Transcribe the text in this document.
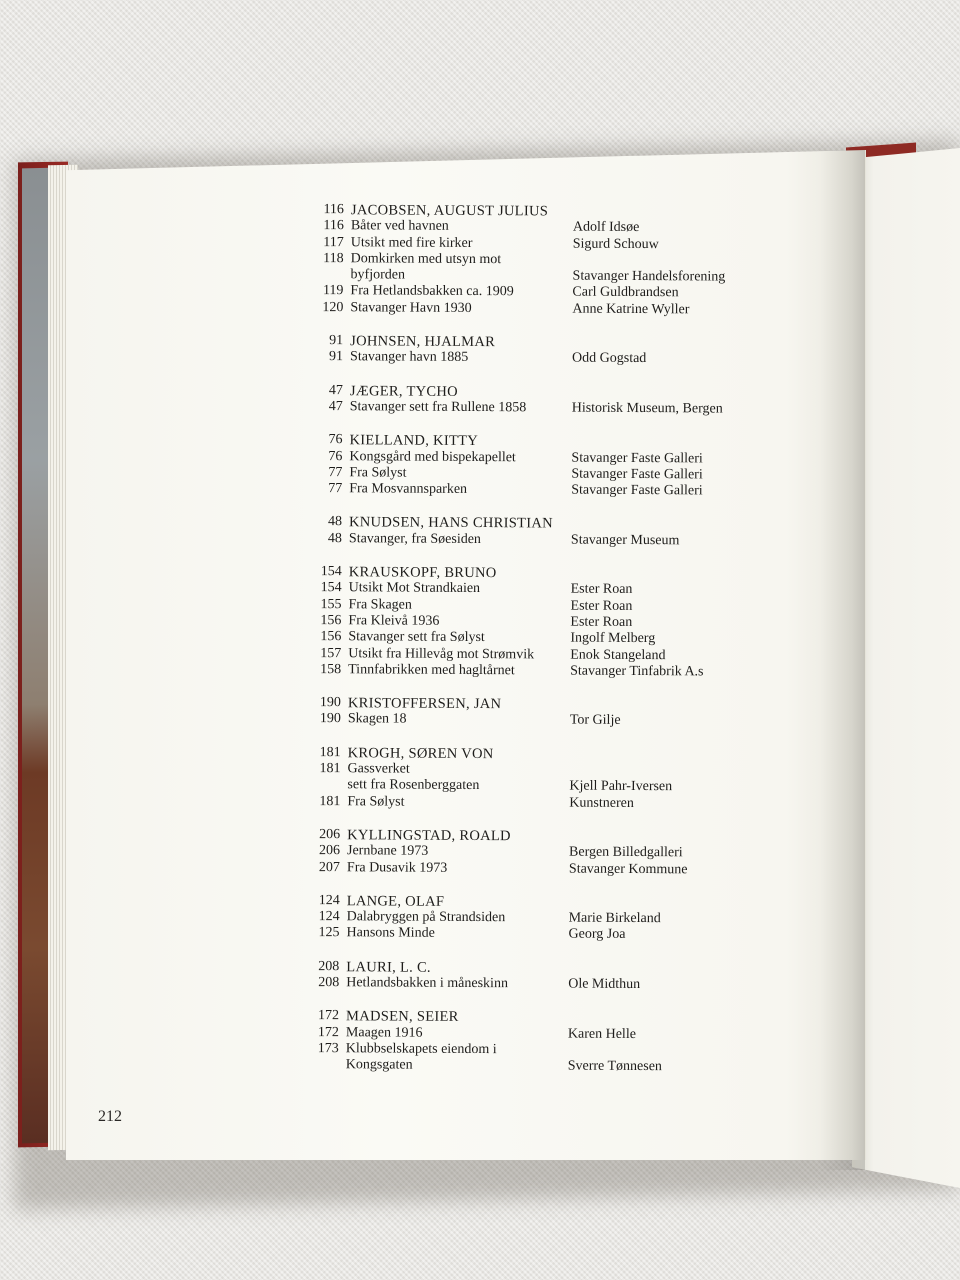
116 JACOBSEN, AUGUST JULIUS
116 Båter ved havnen	Adolf Idsøe
117 Utsikt med fire kirker	Sigurd Schouw
118 Domkirken med utsyn mot
byfjorden	Stavanger Handelsforening
119 Fra Hetlandsbakken ca. 1909	Carl Guldbrandsen
120 Stavanger Havn 1930	Anne Katrine Wyller
91 JOHNSEN, HJALMAR
91 Stavanger havn 1885	Odd Gogstad
47 JÆGER, TYCHO
47 Stavanger sett fra Rullene 1858	Historisk Museum, Bergen
76 KIELLAND, KITTY
76 Kongsgård med bispekapellet	Stavanger Faste Galleri
77 Fra Sølyst	Stavanger Faste Galleri
77 Fra Mosvannsparken	Stavanger Faste Galleri
48 KNUDSEN, HANS CHRISTIAN
48 Stavanger, fra Søesiden	Stavanger Museum
154 KRAUSKOPF, BRUNO
154 Utsikt Mot Strandkaien	Ester Roan
155 Fra Skagen	Ester Roan
156 Fra Kleivå 1936	Ester Roan
156 Stavanger sett fra Sølyst	Ingolf Melberg
157 Utsikt fra Hillevåg mot Strømvik	Enok Stangeland
158 Tinnfabrikken med hagltårnet	Stavanger Tinfabrik A.s
190 KRISTOFFERSEN, JAN
190 Skagen 18	Tor Gilje
181 KROGH, SØREN VON
181 Gassverket
sett fra Rosenberggaten	Kjell Pahr-Iversen
181 Fra Sølyst	Kunstneren
206 KYLLINGSTAD, ROALD
206 Jernbane 1973	Bergen Billedgalleri
207 Fra Dusavik 1973	Stavanger Kommune
124 LANGE, OLAF
124 Dalabryggen på Strandsiden	Marie Birkeland
125 Hansons Minde	Georg Joa
208 LAURI, L. C.
208 Hetlandsbakken i måneskinn	Ole Midthun
172 MADSEN, SEIER
172 Maagen 1916	Karen Helle
173 Klubbselskapets eiendom i
Kongsgaten	Sverre Tønnesen
212
